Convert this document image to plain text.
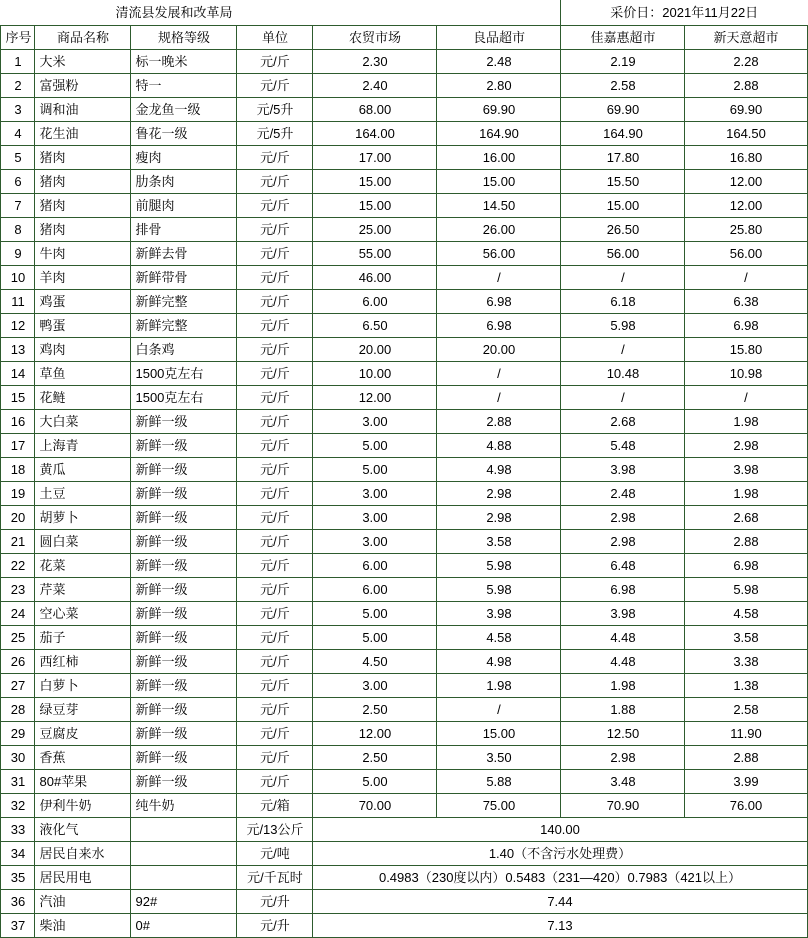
	清流县发展和改革局					采价日：2021年11月22日	
序号	商品名称	规格等级	单位	农贸市场	良品超市	佳嘉惠超市	新天意超市
1	大米	标一晚米	元/斤	2.30	2.48	2.19	2.28
2	富强粉	特一	元/斤	2.40	2.80	2.58	2.88
3	调和油	金龙鱼一级	元/5升	68.00	69.90	69.90	69.90
4	花生油	鲁花一级	元/5升	164.00	164.90	164.90	164.50
5	猪肉	瘦肉	元/斤	17.00	16.00	17.80	16.80
6	猪肉	肋条肉	元/斤	15.00	15.00	15.50	12.00
7	猪肉	前腿肉	元/斤	15.00	14.50	15.00	12.00
8	猪肉	排骨	元/斤	25.00	26.00	26.50	25.80
9	牛肉	新鲜去骨	元/斤	55.00	56.00	56.00	56.00
10	羊肉	新鲜带骨	元/斤	46.00	/	/	/
11	鸡蛋	新鲜完整	元/斤	6.00	6.98	6.18	6.38
12	鸭蛋	新鲜完整	元/斤	6.50	6.98	5.98	6.98
13	鸡肉	白条鸡	元/斤	20.00	20.00	/	15.80
14	草鱼	1500克左右	元/斤	10.00	/	10.48	10.98
15	花鲢	1500克左右	元/斤	12.00	/	/	/
16	大白菜	新鲜一级	元/斤	3.00	2.88	2.68	1.98
17	上海青	新鲜一级	元/斤	5.00	4.88	5.48	2.98
18	黄瓜	新鲜一级	元/斤	5.00	4.98	3.98	3.98
19	土豆	新鲜一级	元/斤	3.00	2.98	2.48	1.98
20	胡萝卜	新鲜一级	元/斤	3.00	2.98	2.98	2.68
21	圆白菜	新鲜一级	元/斤	3.00	3.58	2.98	2.88
22	花菜	新鲜一级	元/斤	6.00	5.98	6.48	6.98
23	芹菜	新鲜一级	元/斤	6.00	5.98	6.98	5.98
24	空心菜	新鲜一级	元/斤	5.00	3.98	3.98	4.58
25	茄子	新鲜一级	元/斤	5.00	4.58	4.48	3.58
26	西红柿	新鲜一级	元/斤	4.50	4.98	4.48	3.38
27	白萝卜	新鲜一级	元/斤	3.00	1.98	1.98	1.38
28	绿豆芽	新鲜一级	元/斤	2.50	/	1.88	2.58
29	豆腐皮	新鲜一级	元/斤	12.00	15.00	12.50	11.90
30	香蕉	新鲜一级	元/斤	2.50	3.50	2.98	2.88
31	80#苹果	新鲜一级	元/斤	5.00	5.88	3.48	3.99
32	伊利牛奶	纯牛奶	元/箱	70.00	75.00	70.90	76.00
33	液化气		元/13公斤	140.00			
34	居民自来水		元/吨	1.40（不含污水处理费）			
35	居民用电		元/千瓦时	0.4983（230度以内）0.5483（231—420）0.7983（421以上）			
36	汽油	92#	元/升	7.44			
37	柴油	0#	元/升	7.13			
